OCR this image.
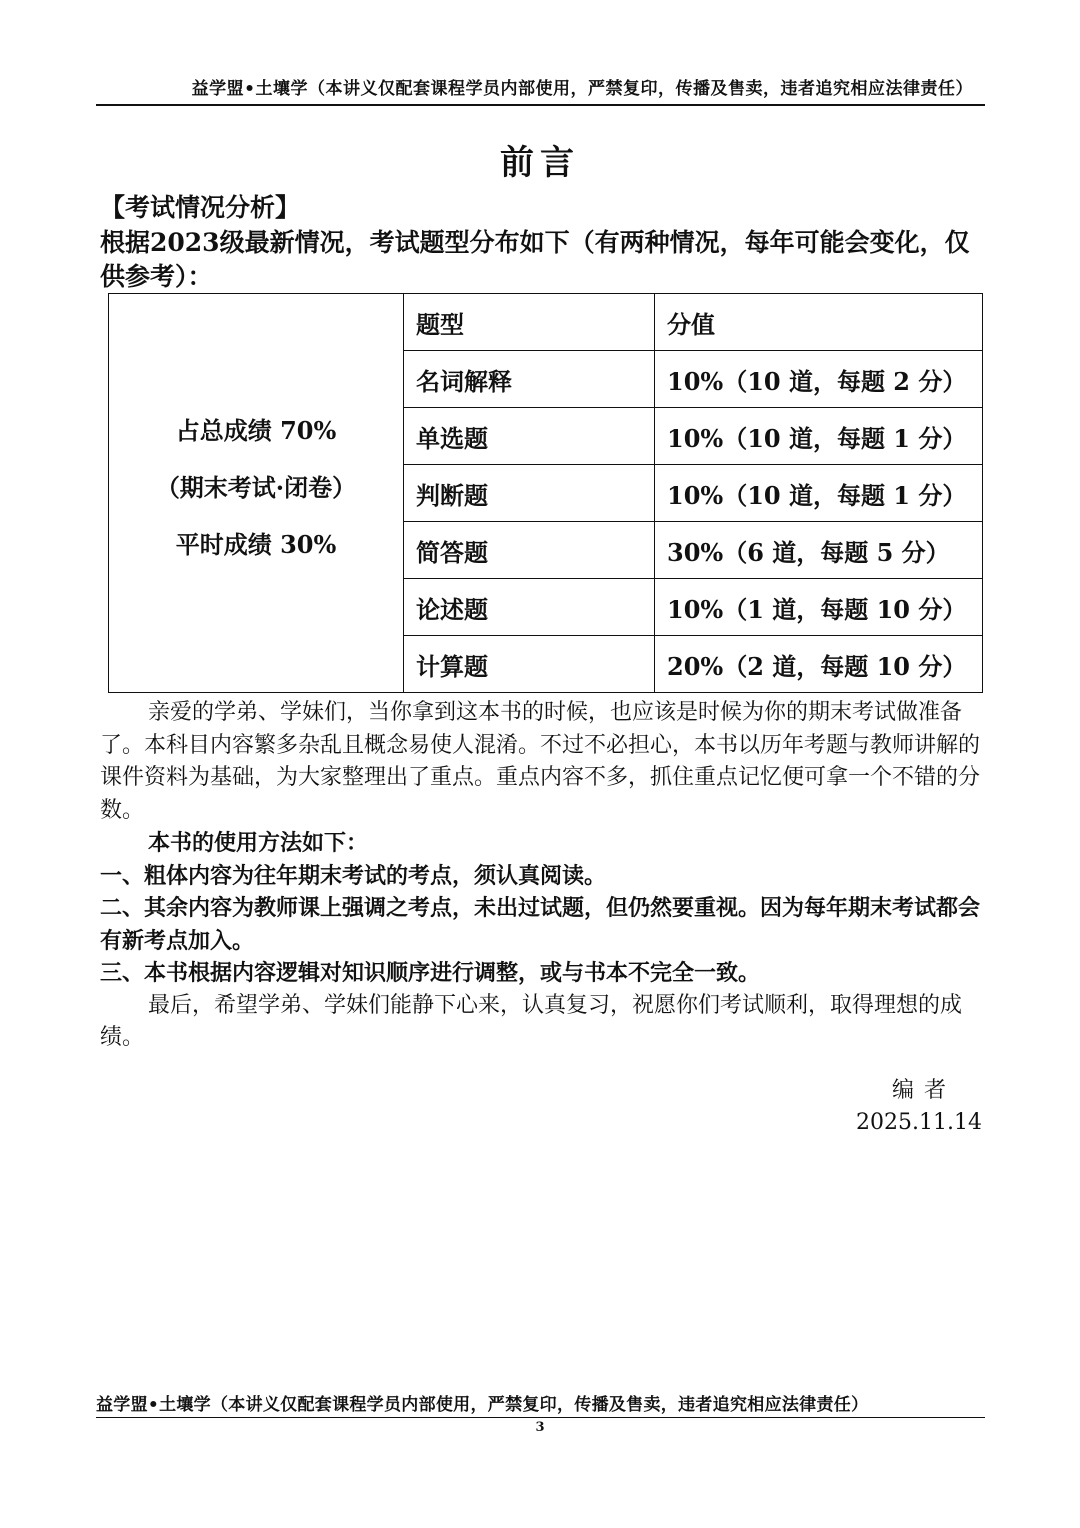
益学盟•土壤学（本讲义仅配套课程学员内部使用，严禁复印，传播及售卖，违者追究相应法律责任）
前言
【考试情况分析】
根据2023级最新情况，考试题型分布如下（有两种情况，每年可能会变化，仅供参考）：
占总成绩 70%
（期末考试·闭卷）
平时成绩 30%	题型	分值
	名词解释	10%（10 道，每题 2 分）
	单选题	10%（10 道，每题 1 分）
	判断题	10%（10 道，每题 1 分）
	简答题	30%（6 道，每题 5 分）
	论述题	10%（1 道，每题 10 分）
	计算题	20%（2 道，每题 10 分）

亲爱的学弟、学妹们，当你拿到这本书的时候，也应该是时候为你的期末考试做准备了。本科目内容繁多杂乱且概念易使人混淆。不过不必担心，本书以历年考题与教师讲解的课件资料为基础，为大家整理出了重点。重点内容不多，抓住重点记忆便可拿一个不错的分数。

本书的使用方法如下：

一、粗体内容为往年期末考试的考点，须认真阅读。

二、其余内容为教师课上强调之考点，未出过试题，但仍然要重视。因为每年期末考试都会有新考点加入。

三、本书根据内容逻辑对知识顺序进行调整，或与书本不完全一致。

最后，希望学弟、学妹们能静下心来，认真复习，祝愿你们考试顺利，取得理想的成绩。

编者
2025.11.14
益学盟•土壤学（本讲义仅配套课程学员内部使用，严禁复印，传播及售卖，违者追究相应法律责任）
3
